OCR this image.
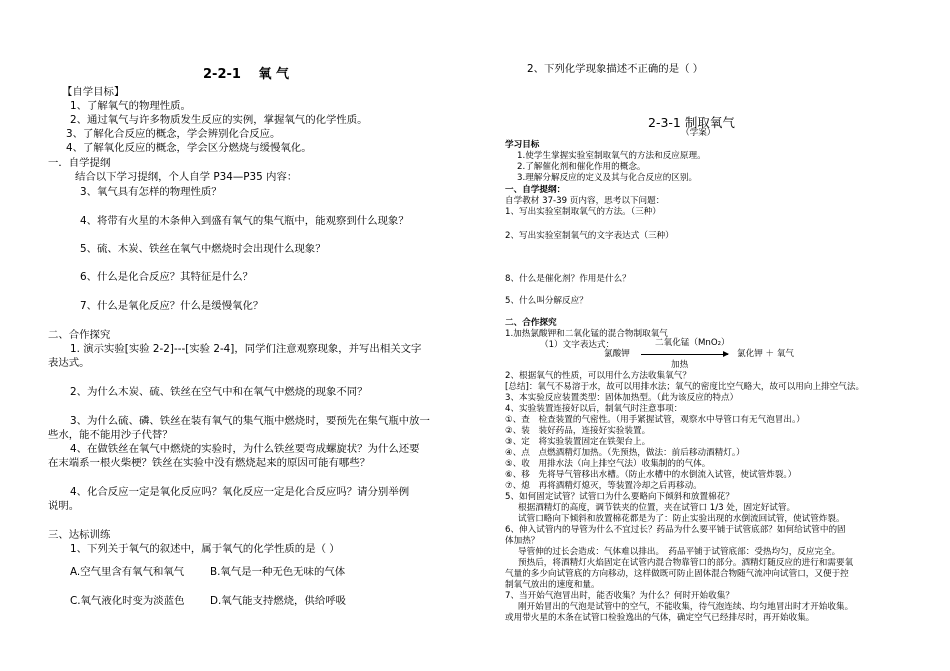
2-2-1　 氧 气
【自学目标】
1、了解氧气的物理性质。
2、通过氧气与许多物质发生反应的实例，掌握氧气的化学性质。
3、了解化合反应的概念，学会辨别化合反应。
4、了解氧化反应的概念，学会区分燃烧与缓慢氧化。
一．自学提纲
结合以下学习提纲，个人自学 P34—P35 内容：
3、氧气具有怎样的物理性质？
4、将带有火星的木条伸入到盛有氧气的集气瓶中，能观察到什么现象？
5、硫、木炭、铁丝在氧气中燃烧时会出现什么现象？
6、什么是化合反应？其特征是什么？
7、什么是氧化反应？什么是缓慢氧化？
二、合作探究
1. 演示实验[实验 2-2]---[实验 2-4]，同学们注意观察现象，并写出相关文字
表达式。
2、为什么木炭、硫、铁丝在空气中和在氧气中燃烧的现象不同？
3、为什么硫、磷、铁丝在装有氧气的集气瓶中燃烧时，要预先在集气瓶中放一
些水，能不能用沙子代替？
4、在做铁丝在氧气中燃烧的实验时，为什么铁丝要弯成螺旋状？为什么还要
在末端系一根火柴梗？铁丝在实验中没有燃烧起来的原因可能有哪些？
4、化合反应一定是氧化反应吗？氧化反应一定是化合反应吗？请分别举例
说明。
三、达标训练
1、下列关于氧气的叙述中，属于氧气的化学性质的是（ ）
A.空气里含有氧气和氧气 B.氧气是一种无色无味的气体
C.氧气液化时变为淡蓝色 D.氧气能支持燃烧，供给呼吸
2、下列化学现象描述不正确的是（ ）
2-3-1 制取氧气
（学案）
学习目标
1.使学生掌握实验室制取氧气的方法和反应原理。
2.了解催化剂和催化作用的概念。
3.理解分解反应的定义及其与化合反应的区别。
一、自学提纲：
自学教材 37-39 页内容，思考以下问题：
1、写出实验室制取氧气的方法。（三种）
2、写出实验室制氧气的文字表达式（三种）
8、什么是催化剂？作用是什么？
5、什么叫分解反应？
二、合作探究
1.加热氯酸钾和二氧化锰的混合物制取氧气
（1）文字表达式：	二氧化锰（MnO₂）
氯酸钾	氯化钾 ＋ 氧气
加热
2、根据氧气的性质，可以用什么方法收集氧气？
[总结]：氧气不易溶于水，故可以用排水法；氧气的密度比空气略大，故可以用向上排空气法。
3、本实验反应装置类型：固体加热型。（此为该反应的特点）
4、实验装置连接好以后，制氧气时注意事项：
①、查　检查装置的气密性。（用手紧握试管，观察水中导管口有无气泡冒出。）
②、装　装好药品，连接好实验装置。
③、定　将实验装置固定在铁架台上。
④、点　点燃酒精灯加热。（先预热，做法：前后移动酒精灯。）
⑤、收　用排水法（向上排空气法）收集制的的气体。
⑥、移　先将导气管移出水槽。（防止水槽中的水倒流入试管，使试管炸裂。）
⑦、熄　再将酒精灯熄灭，等装置冷却之后再移动。
5、如何固定试管？试管口为什么要略向下倾斜和放置棉花？
根据酒精灯的高度，调节铁夹的位置，夹在试管口 1/3 处，固定好试管。
试管口略向下倾斜和放置棉花都是为了：防止实验出现的水倒流回试管，使试管炸裂。
6、伸入试管内的导管为什么不宜过长？药品为什么要平铺于试管底部？如何给试管中的固
体加热？
导管伸的过长会造成：气体难以排出。　药品平铺于试管底部：受热均匀，反应完全。
预热后，将酒精灯火焰固定在试管内混合物靠管口的部分。酒精灯随反应的进行和需要氧
气量的多少向试管底的方向移动，这样做既可防止固体混合物随气流冲向试管口，又便于控
制氧气放出的速度和量。
7、当开始气泡冒出时，能否收集？为什么？何时开始收集？
刚开始冒出的气泡是试管中的空气，不能收集，待气泡连续、均匀地冒出时才开始收集。
或用带火星的木条在试管口检验逸出的气体，确定空气已经排尽时，再开始收集。
